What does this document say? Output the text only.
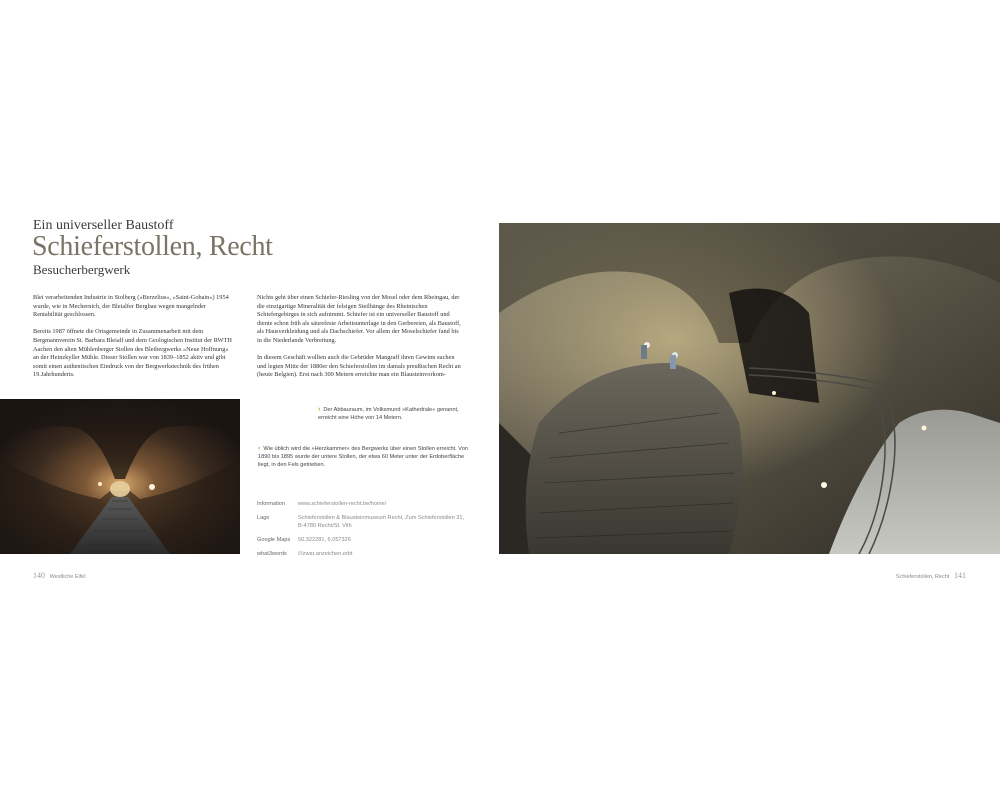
Ein universeller Baustoff
Schieferstollen, Recht
Besucherbergwerk

Blei verarbeitenden Industrie in Stolberg (»Berzelius«, »Saint-Gobain«) 1954 wurde, wie in Mechernich, der Bleialfer Bergbau wegen mangelnder Rentabilität geschlossen.

Bereits 1987 öffnete die Ortsgemeinde in Zusammenarbeit mit dem Bergmannverein St. Barbara Bleialf und dem Geologischen Institut der RWTH Aachen den alten Mühlenberger Stollen des Bleibergwerks »Neue Hoffnung« an der Heinzkyller Mühle. Dieser Stollen war von 1839–1852 aktiv und gibt somit einen authentischen Eindruck von der Bergwerkstechnik des frühen 19.Jahrhunderts.

Nichts geht über einen Schiefer-Riesling von der Mosel oder dem Rheingau, der die einzigartige Mineralität der felsigen Steilhänge des Rheinischen Schiefergebirges in sich aufnimmt. Schiefer ist ein universeller Baustoff und diente schon früh als säurefeste Arbeitsunterlage in den Gerbereien, als Baustoff, als Hausverkleidung und als Dachschiefer. Vor allem der Moselschiefer fand bis in die Niederlande Verbreitung.

In diesem Geschäft wollten auch die Gebrüder Mangraff ihren Gewinn suchen und legten Mitte der 1880er den Schieferstollen im damals preußischen Recht an (heute Belgien). Erst nach 300 Metern erreichte man ein Blausteinvorkom-

› Der Abbauraum, im Volksmund »Kathedrale« genannt, erreicht eine Höhe von 14 Metern.
‹ Wie üblich wird die »Herzkammer« des Bergwerks über einen Stollen erreicht. Von 1890 bis 1895 wurde der untere Stollen, der etwa 60 Meter unter der Erdoberfläche liegt, in den Fels getrieben.
Information	www.schieferstollen-recht.be/home/
Lage	Schieferstollen & Blausteinmuseum Recht, Zum Schieferstollen 31,
B-4780 Recht/St. Vith
Google Maps	50.322281, 6.057326
what3words	///zwar.anzeichen.erbt
140 Westliche Eifel	Schieferstollen, Recht 141
